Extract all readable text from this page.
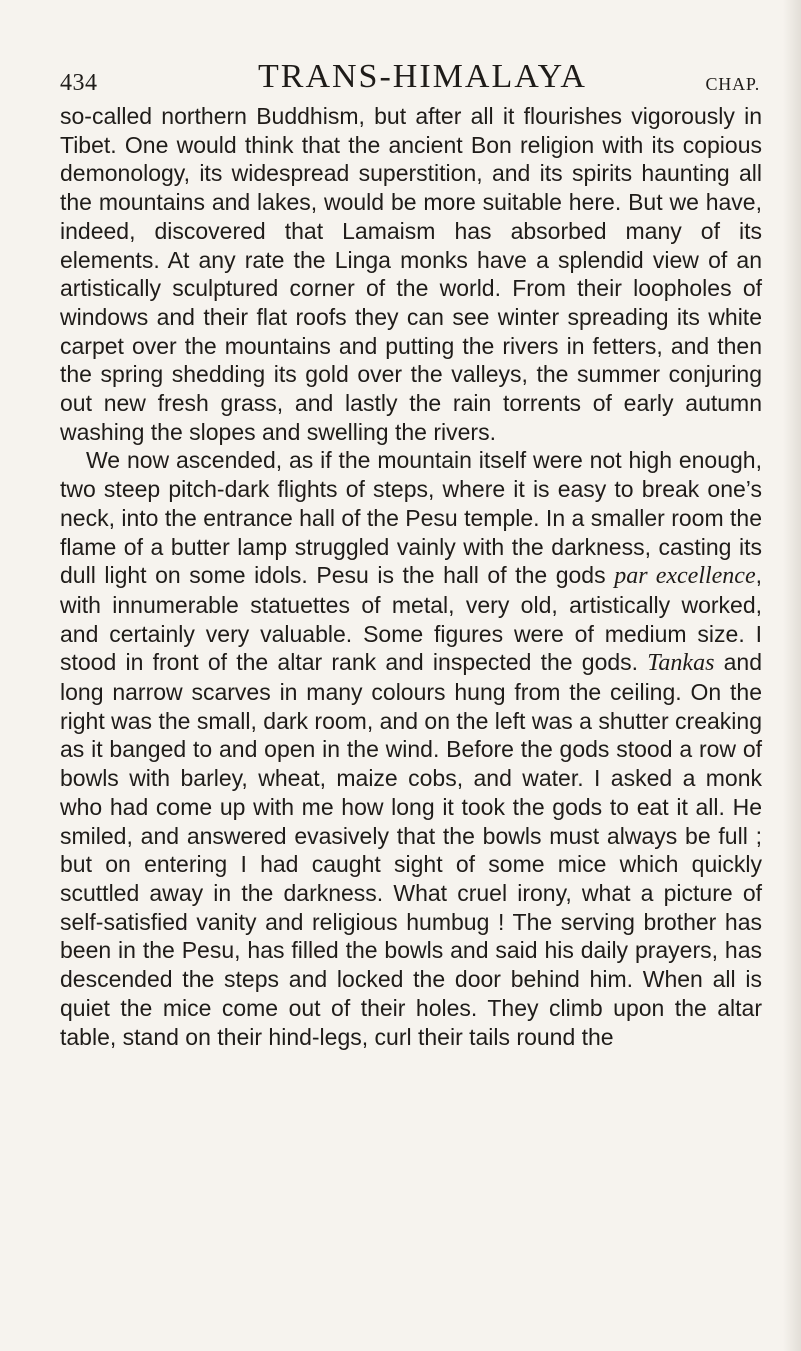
434	TRANS-HIMALAYA	CHAP.

so-called northern Buddhism, but after all it flourishes vigorously in Tibet. One would think that the ancient Bon religion with its copious demonology, its widespread superstition, and its spirits haunting all the mountains and lakes, would be more suitable here. But we have, indeed, discovered that Lamaism has absorbed many of its elements. At any rate the Linga monks have a splendid view of an artistically sculptured corner of the world. From their loopholes of windows and their flat roofs they can see winter spreading its white carpet over the mountains and putting the rivers in fetters, and then the spring shedding its gold over the valleys, the summer conjuring out new fresh grass, and lastly the rain torrents of early autumn washing the slopes and swelling the rivers.

We now ascended, as if the mountain itself were not high enough, two steep pitch-dark flights of steps, where it is easy to break one’s neck, into the entrance hall of the Pesu temple. In a smaller room the flame of a butter lamp struggled vainly with the darkness, casting its dull light on some idols. Pesu is the hall of the gods par excellence, with innumerable statuettes of metal, very old, artistically worked, and certainly very valuable. Some figures were of medium size. I stood in front of the altar rank and inspected the gods. Tankas and long narrow scarves in many colours hung from the ceiling. On the right was the small, dark room, and on the left was a shutter creaking as it banged to and open in the wind. Before the gods stood a row of bowls with barley, wheat, maize cobs, and water. I asked a monk who had come up with me how long it took the gods to eat it all. He smiled, and answered evasively that the bowls must always be full ; but on entering I had caught sight of some mice which quickly scuttled away in the darkness. What cruel irony, what a picture of self-satisfied vanity and religious humbug ! The serving brother has been in the Pesu, has filled the bowls and said his daily prayers, has descended the steps and locked the door behind him. When all is quiet the mice come out of their holes. They climb upon the altar table, stand on their hind-legs, curl their tails round the
